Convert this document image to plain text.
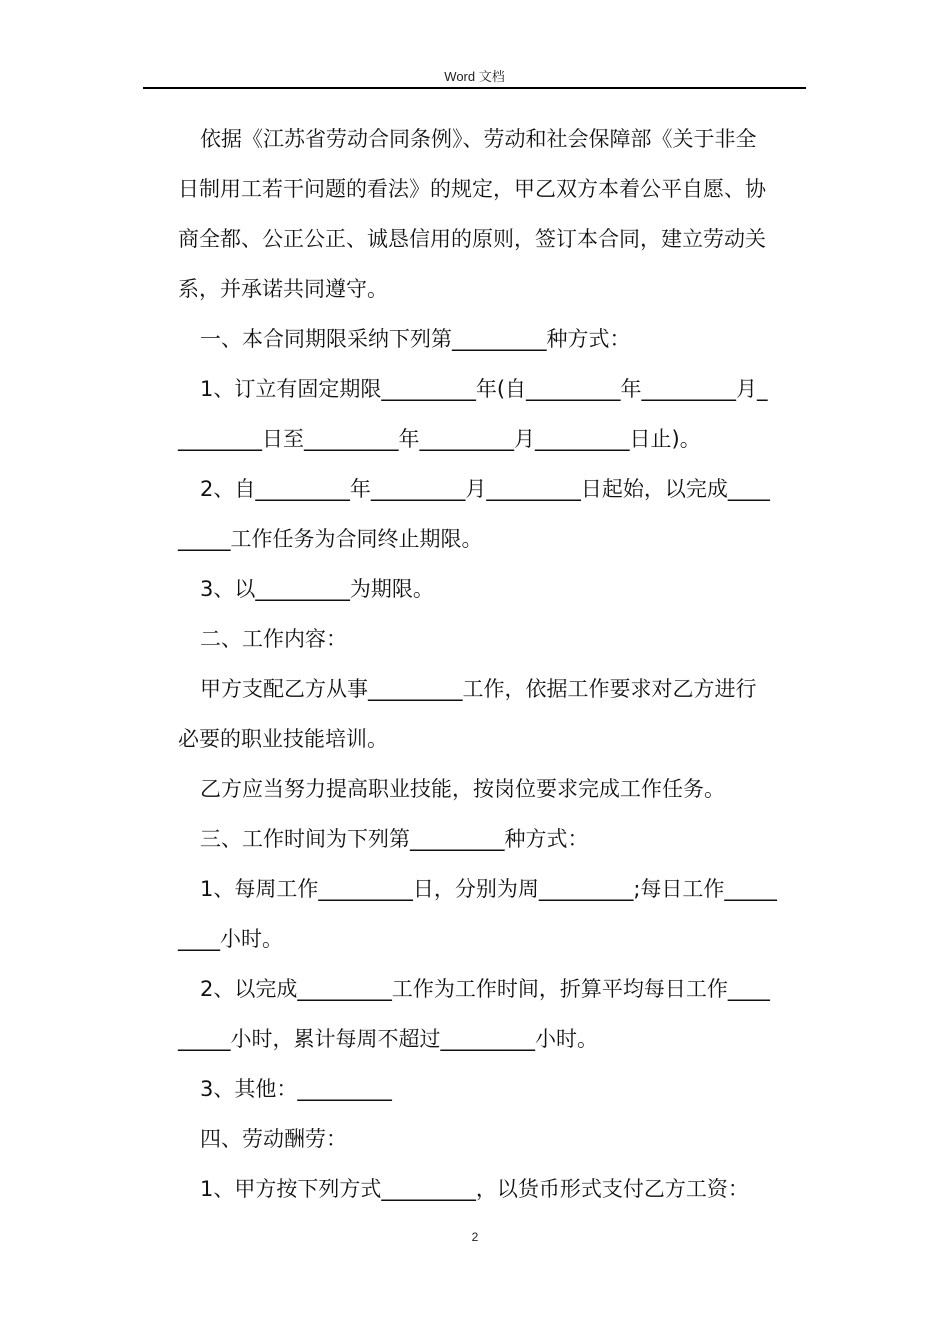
Word 文档
依据《江苏省劳动合同条例》、劳动和社会保障部《关于非全
日制用工若干问题的看法》的规定，甲乙双方本着公平自愿、协
商全都、公正公正、诚恳信用的原则，签订本合同，建立劳动关
系，并承诺共同遵守。
一、本合同期限采纳下列第_________种方式：
1、订立有固定期限_________年(自_________年_________月_
________日至_________年_________月_________日止)。
2、自_________年_________月_________日起始，以完成____
_____工作任务为合同终止期限。
3、以_________为期限。
二、工作内容：
甲方支配乙方从事_________工作，依据工作要求对乙方进行
必要的职业技能培训。
乙方应当努力提高职业技能，按岗位要求完成工作任务。
三、工作时间为下列第_________种方式：
1、每周工作_________日，分别为周_________;每日工作_____
____小时。
2、以完成_________工作为工作时间，折算平均每日工作____
_____小时，累计每周不超过_________小时。
3、其他：_________
四、劳动酬劳：
1、甲方按下列方式_________，以货币形式支付乙方工资：
2
